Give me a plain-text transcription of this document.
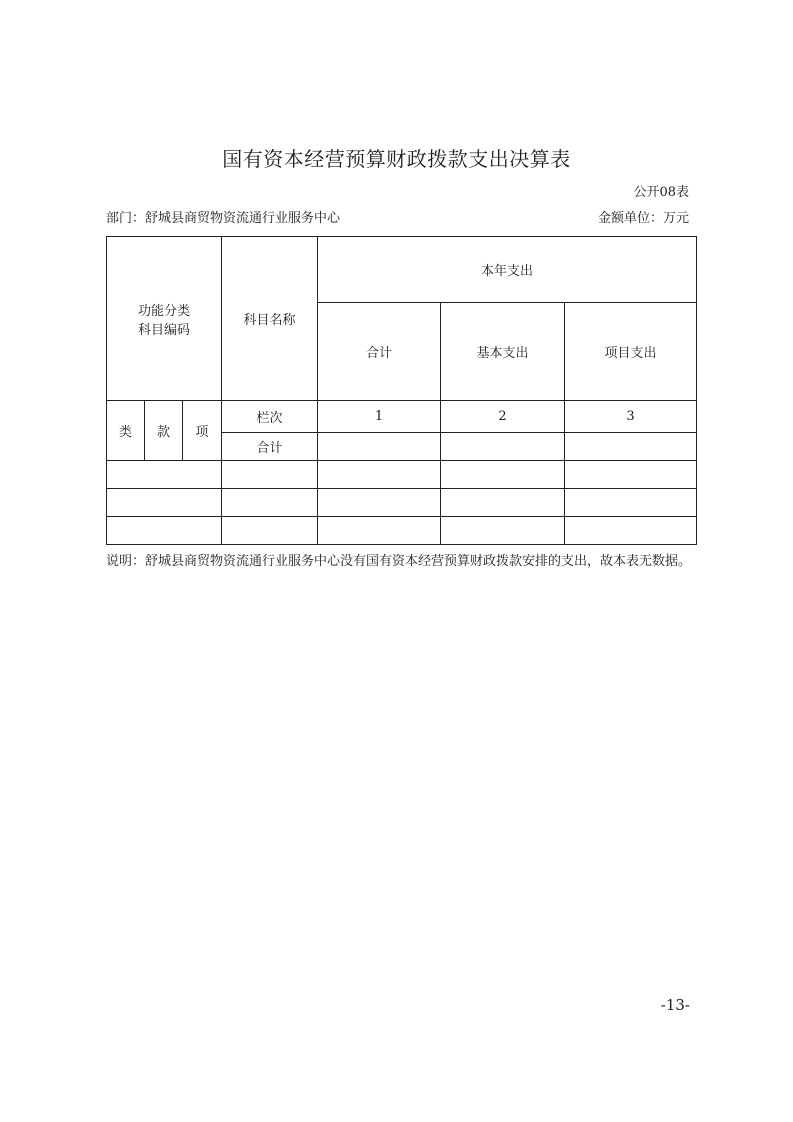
国有资本经营预算财政拨款支出决算表
公开08表
部门：舒城县商贸物资流通行业服务中心	金额单位：万元
功能分类
科目编码			科目名称	本年支出		
				合计	基本支出	项目支出
类	款	项	栏次	1	2	3
			合计			

说明：舒城县商贸物资流通行业服务中心没有国有资本经营预算财政拨款安排的支出，故本表无数据。
-13-
